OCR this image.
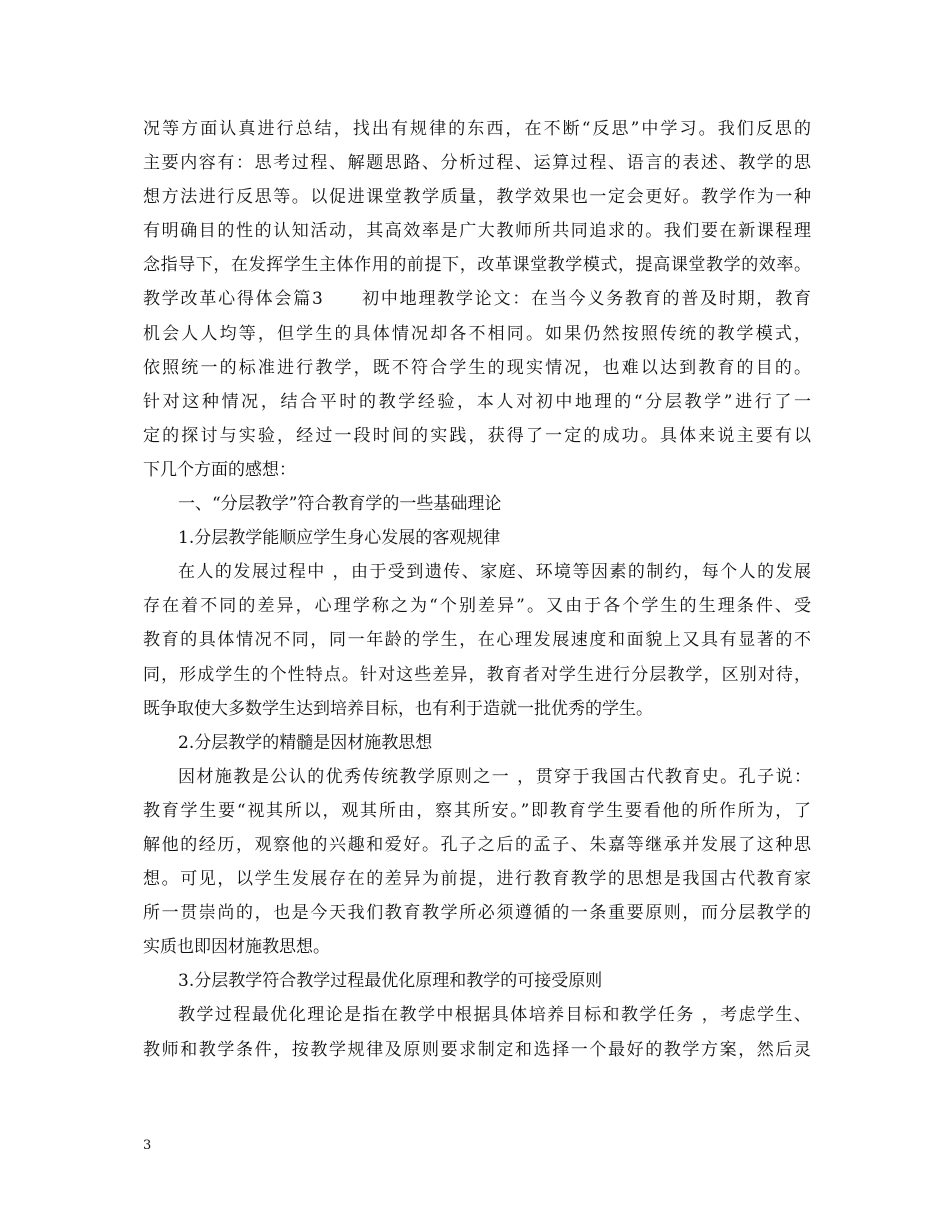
况等方面认真进行总结，找出有规律的东西，在不断“反思”中学习。我们反思的
主要内容有：思考过程、解题思路、分析过程、运算过程、语言的表述、教学的思
想方法进行反思等。以促进课堂教学质量，教学效果也一定会更好。教学作为一种
有明确目的性的认知活动，其高效率是广大教师所共同追求的。我们要在新课程理
念指导下，在发挥学生主体作用的前提下，改革课堂教学模式，提高课堂教学的效率。
教学改革心得体会篇3　　初中地理教学论文：在当今义务教育的普及时期，教育
机会人人均等，但学生的具体情况却各不相同。如果仍然按照传统的教学模式，
依照统一的标准进行教学，既不符合学生的现实情况，也难以达到教育的目的。
针对这种情况，结合平时的教学经验，本人对初中地理的“分层教学”进行了一
定的探讨与实验，经过一段时间的实践，获得了一定的成功。具体来说主要有以
下几个方面的感想：
一、“分层教学”符合教育学的一些基础理论
1.分层教学能顺应学生身心发展的客观规律
在人的发展过程中 ，由于受到遗传、家庭、环境等因素的制约，每个人的发展
存在着不同的差异，心理学称之为“个别差异”。又由于各个学生的生理条件、受
教育的具体情况不同，同一年龄的学生，在心理发展速度和面貌上又具有显著的不
同，形成学生的个性特点。针对这些差异，教育者对学生进行分层教学，区别对待，
既争取使大多数学生达到培养目标，也有利于造就一批优秀的学生。
2.分层教学的精髓是因材施教思想
因材施教是公认的优秀传统教学原则之一 ，贯穿于我国古代教育史。孔子说：
教育学生要“视其所以，观其所由，察其所安。”即教育学生要看他的所作所为，了
解他的经历，观察他的兴趣和爱好。孔子之后的孟子、朱嘉等继承并发展了这种思
想。可见，以学生发展存在的差异为前提，进行教育教学的思想是我国古代教育家
所一贯崇尚的，也是今天我们教育教学所必须遵循的一条重要原则，而分层教学的
实质也即因材施教思想。
3.分层教学符合教学过程最优化原理和教学的可接受原则
教学过程最优化理论是指在教学中根据具体培养目标和教学任务 ，考虑学生、
教师和教学条件，按教学规律及原则要求制定和选择一个最好的教学方案，然后灵
3
